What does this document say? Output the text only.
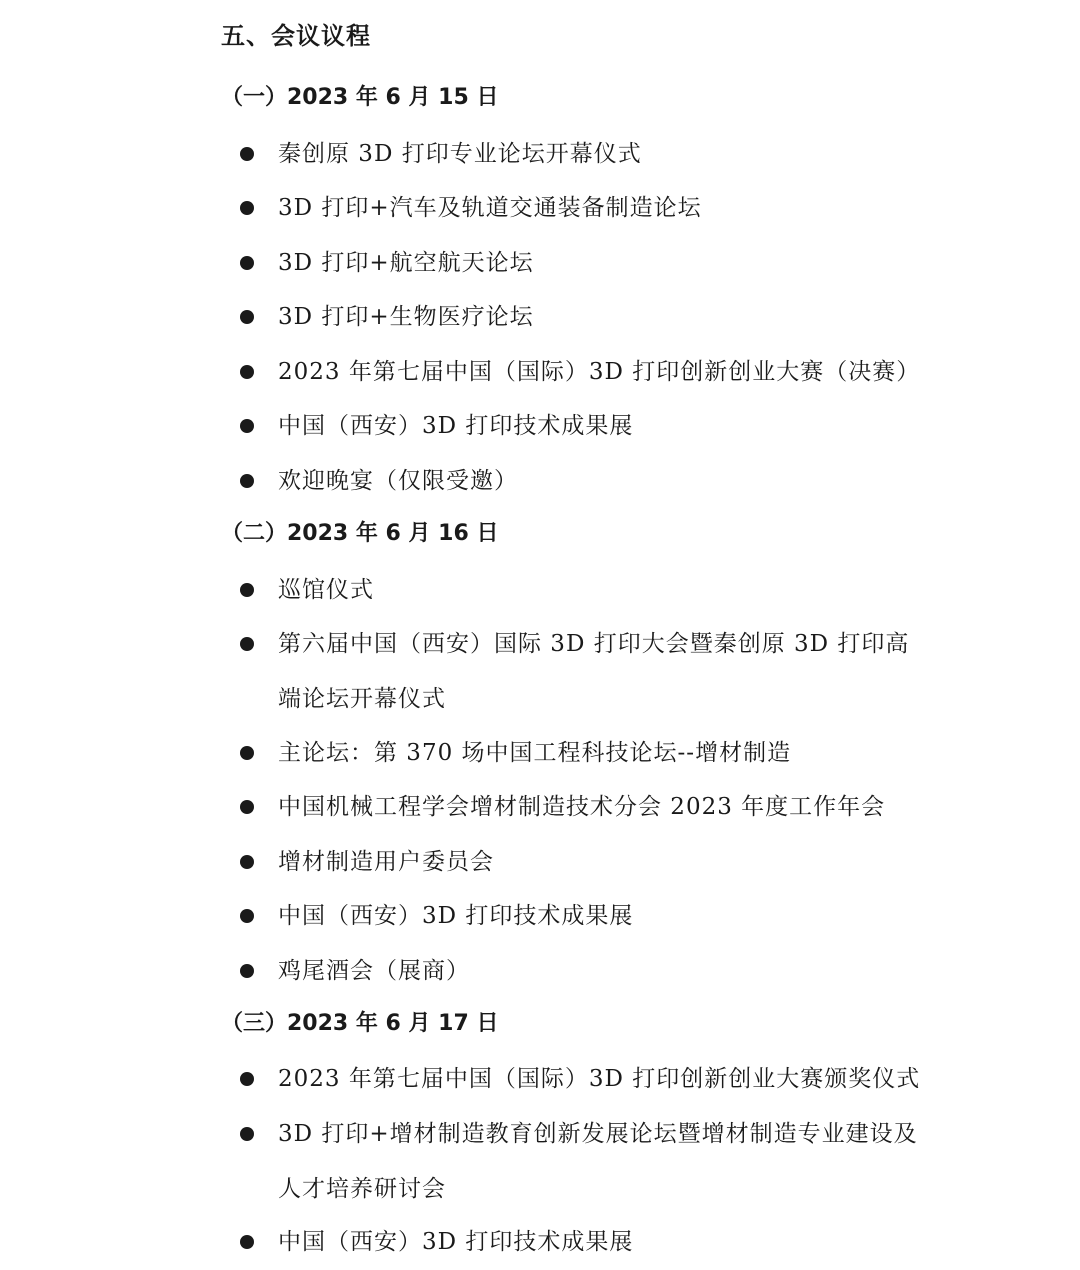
五、会议议程
（一）2023 年 6 月 15 日
秦创原 3D 打印专业论坛开幕仪式
3D 打印+汽车及轨道交通装备制造论坛
3D 打印+航空航天论坛
3D 打印+生物医疗论坛
2023 年第七届中国（国际）3D 打印创新创业大赛（决赛）
中国（西安）3D 打印技术成果展
欢迎晚宴（仅限受邀）
（二）2023 年 6 月 16 日
巡馆仪式
第六届中国（西安）国际 3D 打印大会暨秦创原 3D 打印高端论坛开幕仪式
主论坛：第 370 场中国工程科技论坛--增材制造
中国机械工程学会增材制造技术分会 2023 年度工作年会
增材制造用户委员会
中国（西安）3D 打印技术成果展
鸡尾酒会（展商）
（三）2023 年 6 月 17 日
2023 年第七届中国（国际）3D 打印创新创业大赛颁奖仪式
3D 打印+增材制造教育创新发展论坛暨增材制造专业建设及人才培养研讨会
中国（西安）3D 打印技术成果展
